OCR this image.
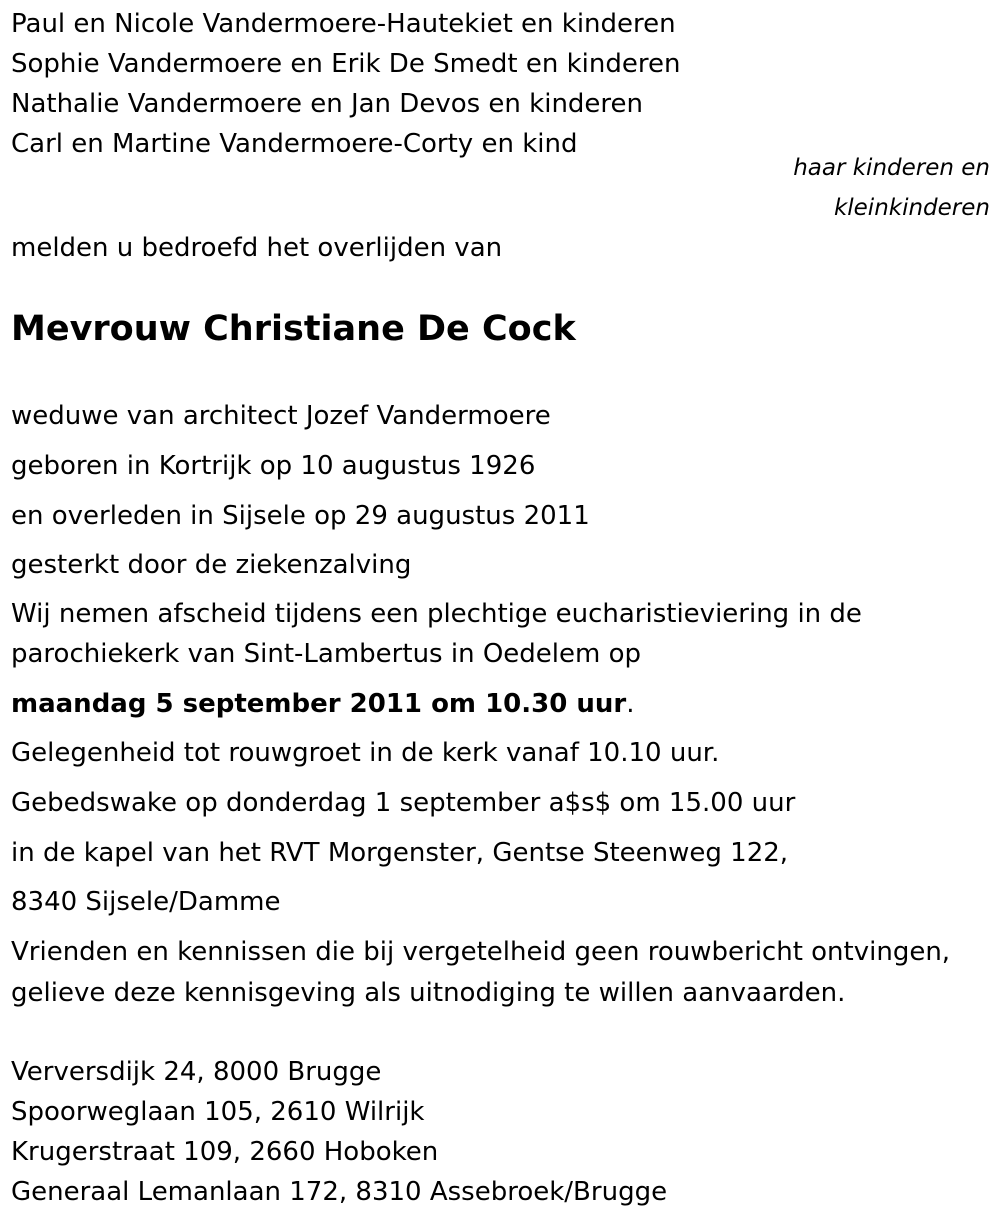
Paul en Nicole Vandermoere-Hautekiet en kinderen
Sophie Vandermoere en Erik De Smedt en kinderen
Nathalie Vandermoere en Jan Devos en kinderen
Carl en Martine Vandermoere-Corty en kind
haar kinderen en
kleinkinderen
melden u bedroefd het overlijden van
Mevrouw Christiane De Cock
weduwe van architect Jozef Vandermoere
geboren in Kortrijk op 10 augustus 1926
en overleden in Sijsele op 29 augustus 2011
gesterkt door de ziekenzalving
Wij nemen afscheid tijdens een plechtige eucharistieviering in de
parochiekerk van Sint-Lambertus in Oedelem op
maandag 5 september 2011 om 10.30 uur.
Gelegenheid tot rouwgroet in de kerk vanaf 10.10 uur.
Gebedswake op donderdag 1 september a$s$ om 15.00 uur
in de kapel van het RVT Morgenster, Gentse Steenweg 122,
8340 Sijsele/Damme
Vrienden en kennissen die bij vergetelheid geen rouwbericht ontvingen,
gelieve deze kennisgeving als uitnodiging te willen aanvaarden.
Verversdijk 24, 8000 Brugge
Spoorweglaan 105, 2610 Wilrijk
Krugerstraat 109, 2660 Hoboken
Generaal Lemanlaan 172, 8310 Assebroek/Brugge
